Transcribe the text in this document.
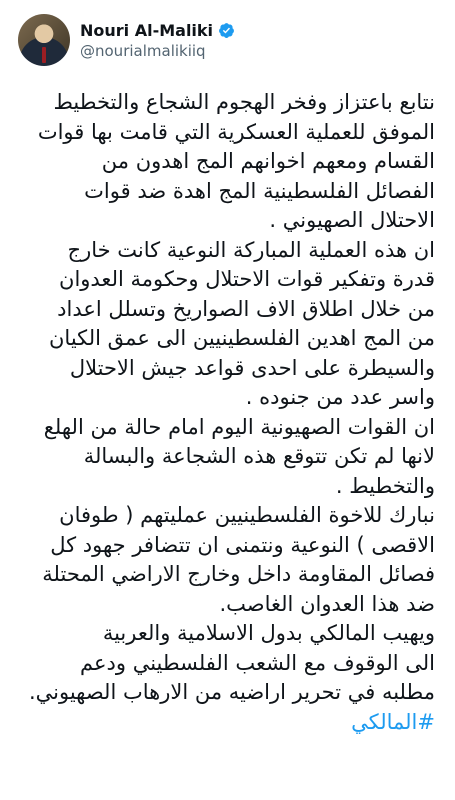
Nouri Al-Maliki
@nourialmalikiiq
نتابع باعتزاز وفخر الهجوم الشجاع والتخطيط
الموفق للعملية العسكرية التي قامت بها قوات
القسام ومعهم اخوانهم المج اهدون من
الفصائل الفلسطينية المج اهدة ضد قوات
الاحتلال الصهيوني .
ان هذه العملية المباركة النوعية كانت خارج
قدرة وتفكير قوات الاحتلال وحكومة العدوان
من خلال اطلاق الاف الصواريخ وتسلل اعداد
من المج اهدين الفلسطينيين الى عمق الكيان
والسيطرة على احدى قواعد جيش الاحتلال
واسر عدد من جنوده .
ان القوات الصهيونية اليوم امام حالة من الهلع
لانها لم تكن تتوقع هذه الشجاعة والبسالة
والتخطيط .
نبارك للاخوة الفلسطينيين عمليتهم ( طوفان
الاقصى ) النوعية ونتمنى ان تتضافر جهود كل
فصائل المقاومة داخل وخارج الاراضي المحتلة
ضد هذا العدوان الغاصب.
ويهيب المالكي بدول الاسلامية والعربية
الى الوقوف مع الشعب الفلسطيني ودعم
مطلبه في تحرير اراضيه من الارهاب الصهيوني.
#المالكي
